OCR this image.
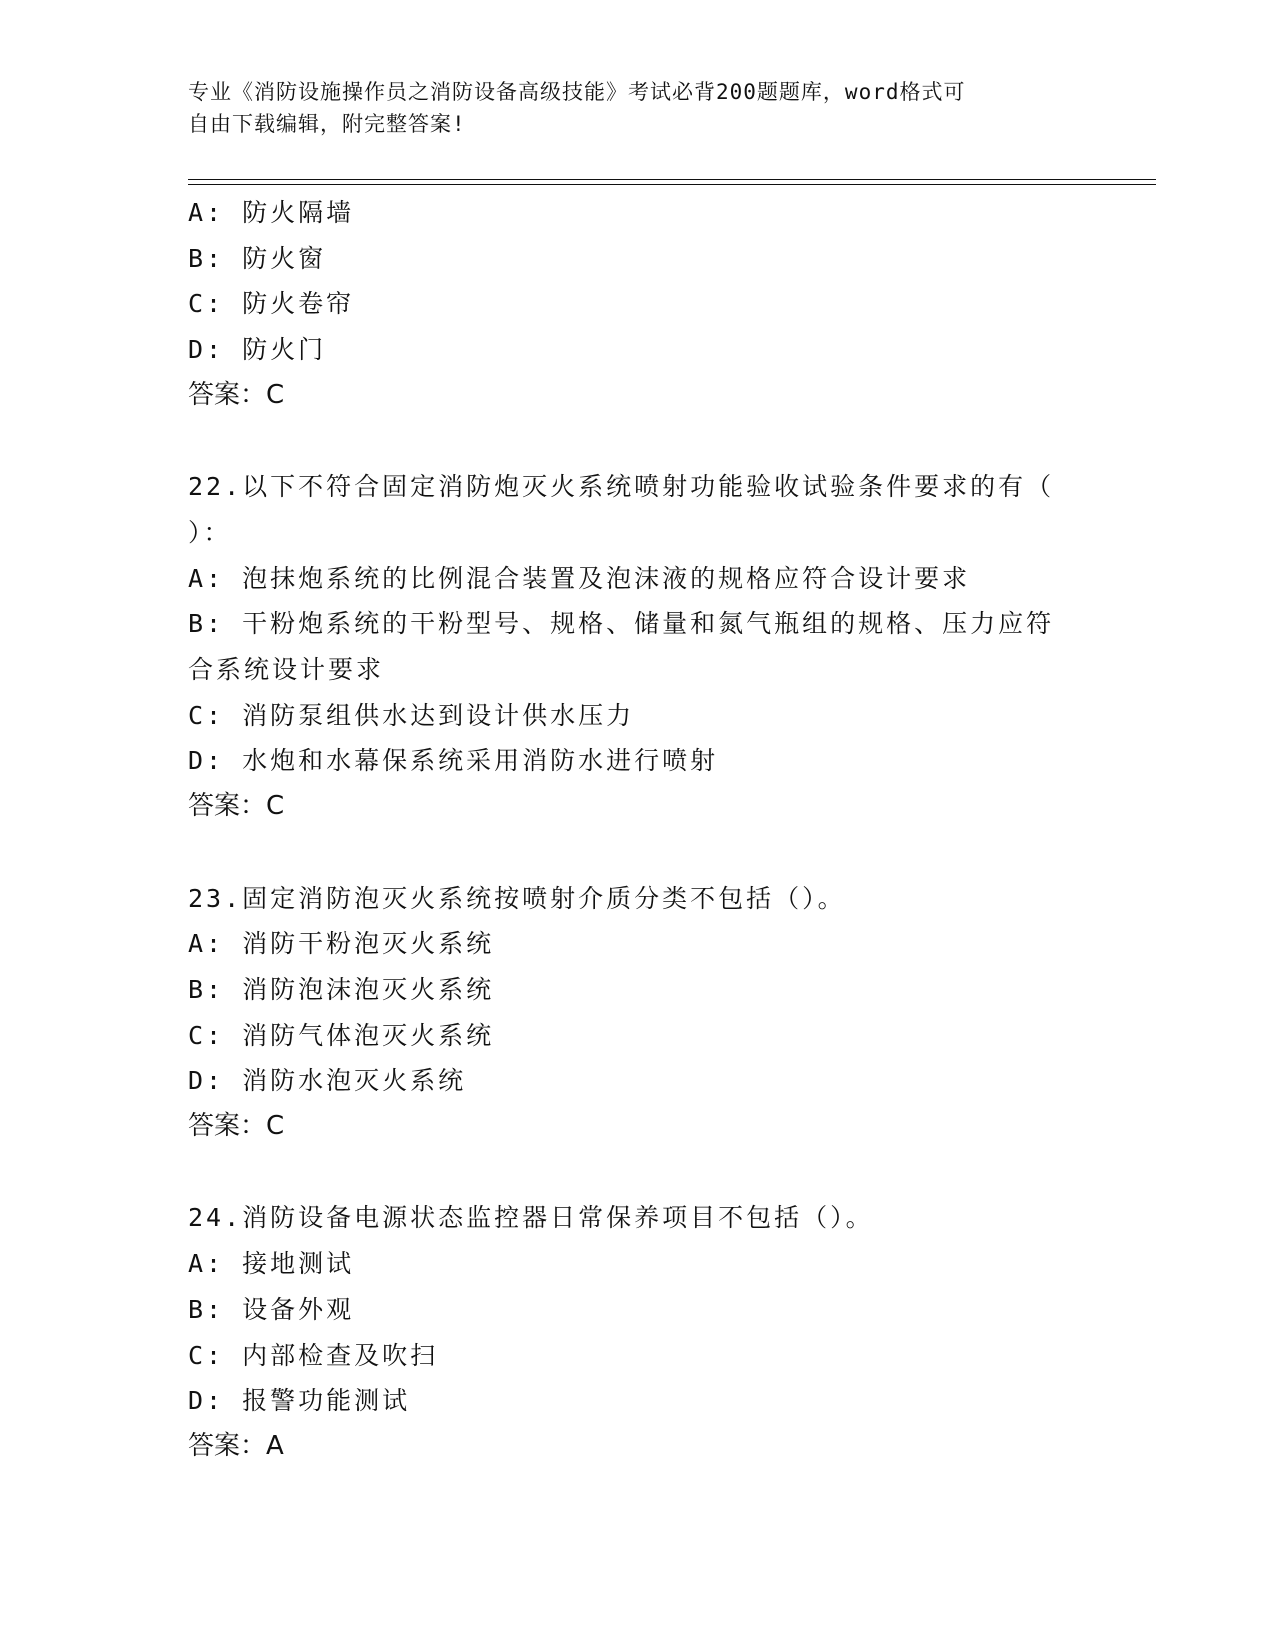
专业《消防设施操作员之消防设备高级技能》考试必背200题题库，word格式可
自由下载编辑，附完整答案!
A: 防火隔墙
B: 防火窗
C: 防火卷帘
D: 防火门
答案：C
22.以下不符合固定消防炮灭火系统喷射功能验收试验条件要求的有（
）：
A: 泡抹炮系统的比例混合装置及泡沫液的规格应符合设计要求
B: 干粉炮系统的干粉型号、规格、储量和氮气瓶组的规格、压力应符
合系统设计要求
C: 消防泵组供水达到设计供水压力
D: 水炮和水幕保系统采用消防水进行喷射
答案：C
23.固定消防泡灭火系统按喷射介质分类不包括（）。
A: 消防干粉泡灭火系统
B: 消防泡沫泡灭火系统
C: 消防气体泡灭火系统
D: 消防水泡灭火系统
答案：C
24.消防设备电源状态监控器日常保养项目不包括（）。
A: 接地测试
B: 设备外观
C: 内部检查及吹扫
D: 报警功能测试
答案：A
